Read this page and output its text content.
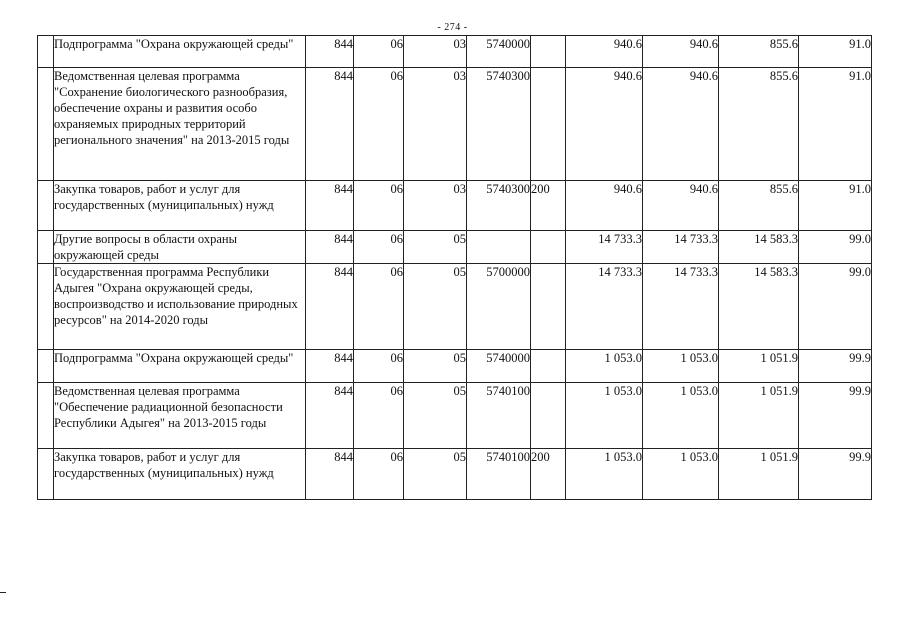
- 274 -
	Подпрограмма "Охрана окружающей среды"	844	06	03	5740000		940.6	940.6	855.6	91.0
	Ведомственная целевая программа "Сохранение биологического разнообразия, обеспечение охраны и развития особо охраняемых природных территорий регионального значения" на 2013-2015 годы	844	06	03	5740300		940.6	940.6	855.6	91.0
	Закупка товаров, работ и услуг для государственных (муниципальных) нужд	844	06	03	5740300	200	940.6	940.6	855.6	91.0
	Другие вопросы в области охраны окружающей среды	844	06	05			14 733.3	14 733.3	14 583.3	99.0
	Государственная программа Республики Адыгея "Охрана окружающей среды, воспроизводство и использование природных ресурсов" на 2014-2020 годы	844	06	05	5700000		14 733.3	14 733.3	14 583.3	99.0
	Подпрограмма "Охрана окружающей среды"	844	06	05	5740000		1 053.0	1 053.0	1 051.9	99.9
	Ведомственная целевая программа "Обеспечение радиационной безопасности Республики Адыгея" на 2013-2015 годы	844	06	05	5740100		1 053.0	1 053.0	1 051.9	99.9
	Закупка товаров, работ и услуг для государственных (муниципальных) нужд	844	06	05	5740100	200	1 053.0	1 053.0	1 051.9	99.9
